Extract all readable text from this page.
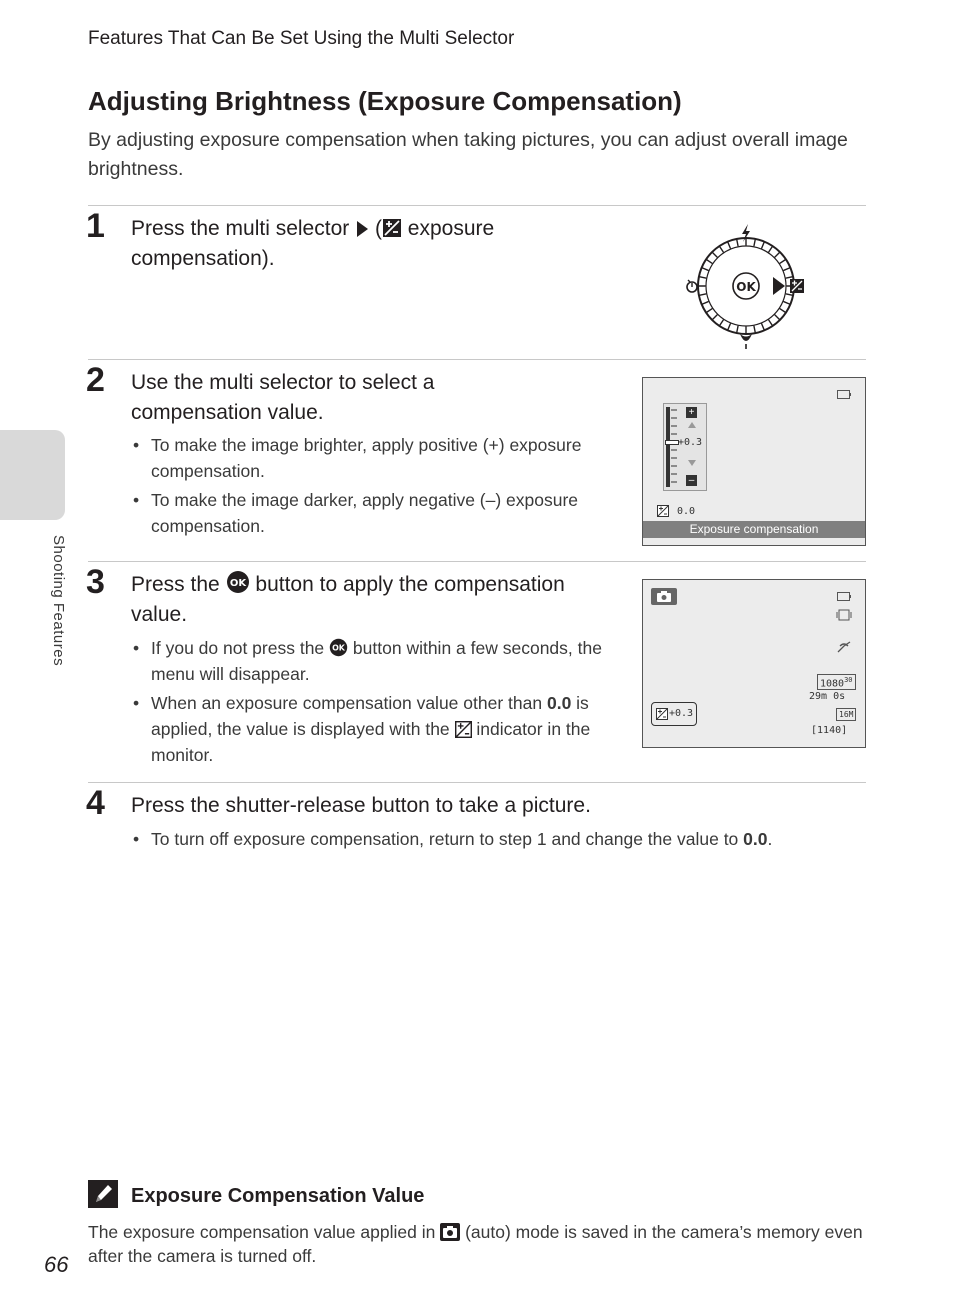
Features That Can Be Set Using the Multi Selector
Adjusting Brightness (Exposure Compensation)

By adjusting exposure compensation when taking pictures, you can adjust overall image brightness.

Shooting Features
1 Press the multi selector ( exposure compensation).
OK
2 Use the multi selector to select a compensation value.
• To make the image brighter, apply positive (+) exposure compensation.
• To make the image darker, apply negative (–) exposure compensation.
+0.3
+
–
0.0
Exposure compensation
3 Press the OK button to apply the compensation value.
• If you do not press the OK button within a few seconds, the menu will disappear.
• When an exposure compensation value other than 0.0 is applied, the value is displayed with the indicator in the monitor.
1080$^{30}$
29m 0s
16M
[1140]
+0.3
4 Press the shutter-release button to take a picture.
• To turn off exposure compensation, return to step 1 and change the value to 0.0.
Exposure Compensation Value

The exposure compensation value applied in (auto) mode is saved in the camera’s memory even after the camera is turned off.

66
